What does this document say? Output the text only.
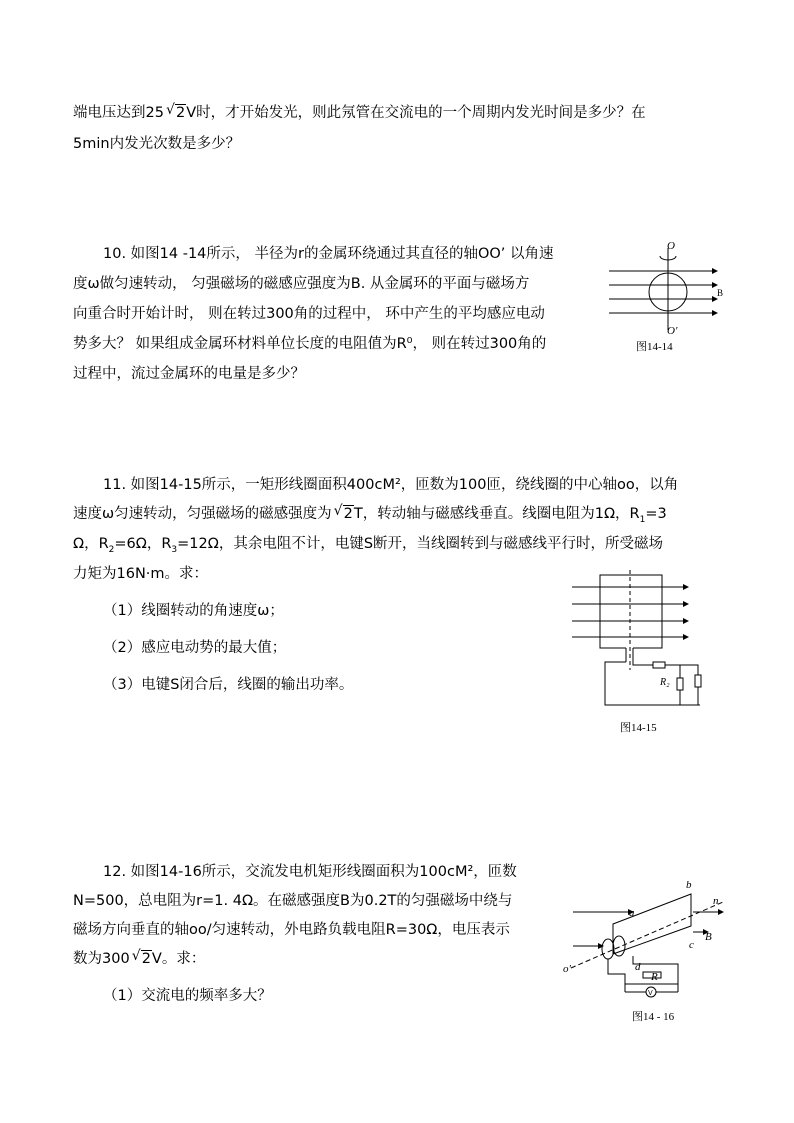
端电压达到25 √ 2V时，才开始发光，则此氖管在交流电的一个周期内发光时间是多少？在
5min内发光次数是多少？
10. 如图14 -14所示， 半径为r的金属环绕通过其直径的轴OO’ 以角速
度ω做匀速转动， 匀强磁场的磁感应强度为B. 从金属环的平面与磁场方
向重合时开始计时， 则在转过300角的过程中， 环中产生的平均感应电动
势多大？ 如果组成金属环材料单位长度的电阻值为R⁰， 则在转过300角的
过程中，流过金属环的电量是多少？
O
O'
B
图14-14
11. 如图14-15所示，一矩形线圈面积400cM²，匝数为100匝，绕线圈的中心轴oo，以角
速度ω匀速转动，匀强磁场的磁感强度为 √ 2T，转动轴与磁感线垂直。线圈电阻为1Ω，$R_1=3$
Ω，$R_2=6\Omega$，$R_3=12\Omega$，其余电阻不计，电键S断开，当线圈转到与磁感线平行时，所受磁场
力矩为16N·m。求：
（1）线圈转动的角速度ω；
（2）感应电动势的最大值；
（3）电键S闭合后，线圈的输出功率。	R₂
图14-15
12. 如图14-16所示，交流发电机矩形线圈面积为100cM²，匝数
N=500，总电阻为r=1. 4Ω。在磁感强度B为0.2T的匀强磁场中绕与
磁场方向垂直的轴oo/匀速转动，外电路负载电阻R=30Ω，电压表示
数为300 √ 2V。求：
（1）交流电的频率多大？
a
b
c
d
B
R
n
o'
V
图14 - 16
